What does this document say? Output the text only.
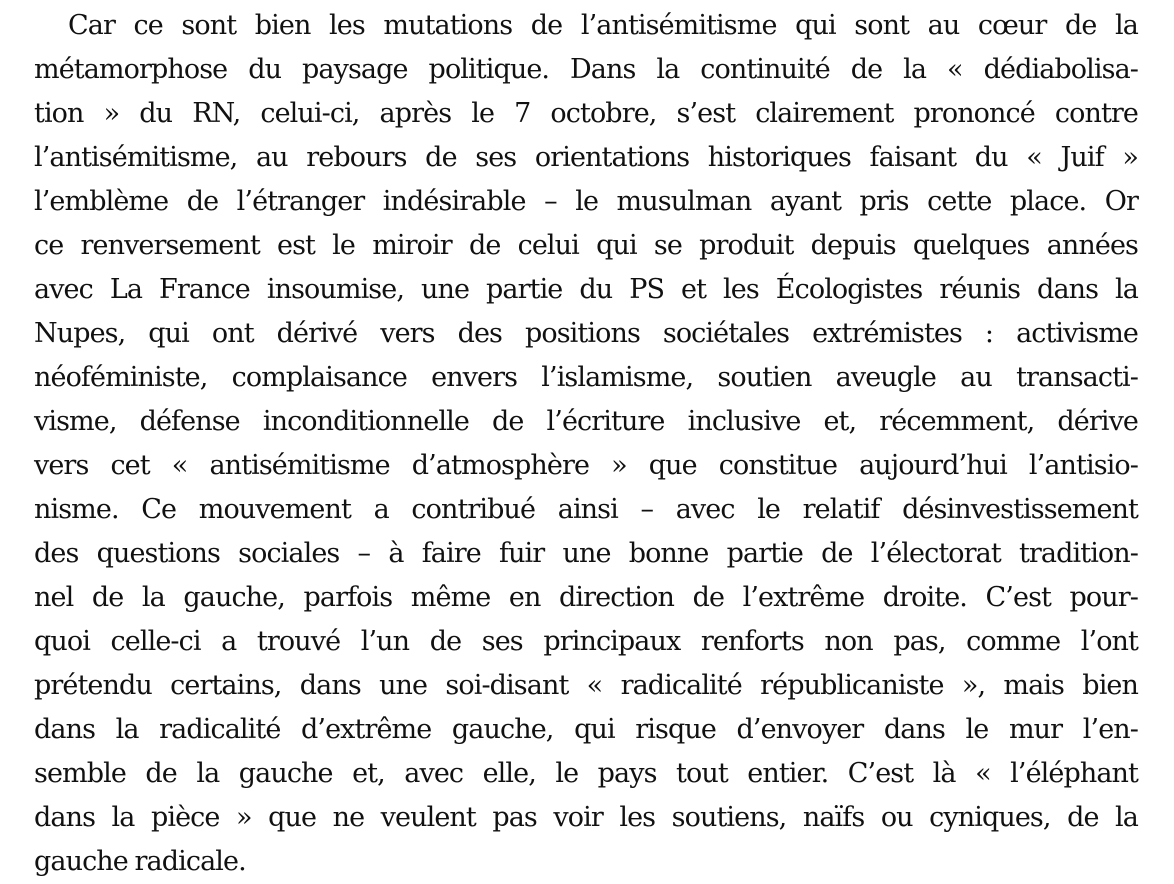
Car ce sont bien les mutations de l’antisémitisme qui sont au cœur de la
métamorphose du paysage politique. Dans la continuité de la « dédiabolisa-
tion » du RN, celui-ci, après le 7 octobre, s’est clairement prononcé contre
l’antisémitisme, au rebours de ses orientations historiques faisant du « Juif »
l’emblème de l’étranger indésirable – le musulman ayant pris cette place. Or
ce renversement est le miroir de celui qui se produit depuis quelques années
avec La France insoumise, une partie du PS et les Écologistes réunis dans la
Nupes, qui ont dérivé vers des positions sociétales extrémistes : activisme
néoféministe, complaisance envers l’islamisme, soutien aveugle au transacti-
visme, défense inconditionnelle de l’écriture inclusive et, récemment, dérive
vers cet « antisémitisme d’atmosphère » que constitue aujourd’hui l’antisio-
nisme. Ce mouvement a contribué ainsi – avec le relatif désinvestissement
des questions sociales – à faire fuir une bonne partie de l’électorat tradition-
nel de la gauche, parfois même en direction de l’extrême droite. C’est pour-
quoi celle-ci a trouvé l’un de ses principaux renforts non pas, comme l’ont
prétendu certains, dans une soi-disant « radicalité républicaniste », mais bien
dans la radicalité d’extrême gauche, qui risque d’envoyer dans le mur l’en-
semble de la gauche et, avec elle, le pays tout entier. C’est là « l’éléphant
dans la pièce » que ne veulent pas voir les soutiens, naïfs ou cyniques, de la
gauche radicale.
